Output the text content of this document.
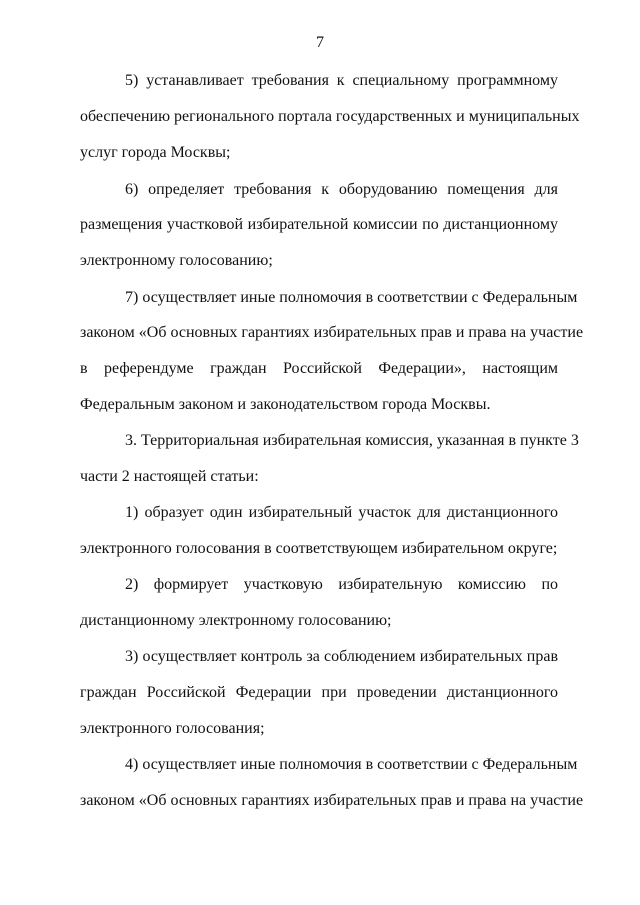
7
5) устанавливает требования к специальному программному
обеспечению регионального портала государственных и муниципальных
услуг города Москвы;
6) определяет требования к оборудованию помещения для
размещения участковой избирательной комиссии по дистанционному
электронному голосованию;
7) осуществляет иные полномочия в соответствии с Федеральным
законом «Об основных гарантиях избирательных прав и права на участие
в референдуме граждан Российской Федерации», настоящим
Федеральным законом и законодательством города Москвы.
3. Территориальная избирательная комиссия, указанная в пункте 3
части 2 настоящей статьи:
1) образует один избирательный участок для дистанционного
электронного голосования в соответствующем избирательном округе;
2) формирует участковую избирательную комиссию по
дистанционному электронному голосованию;
3) осуществляет контроль за соблюдением избирательных прав
граждан Российской Федерации при проведении дистанционного
электронного голосования;
4) осуществляет иные полномочия в соответствии с Федеральным
законом «Об основных гарантиях избирательных прав и права на участие
